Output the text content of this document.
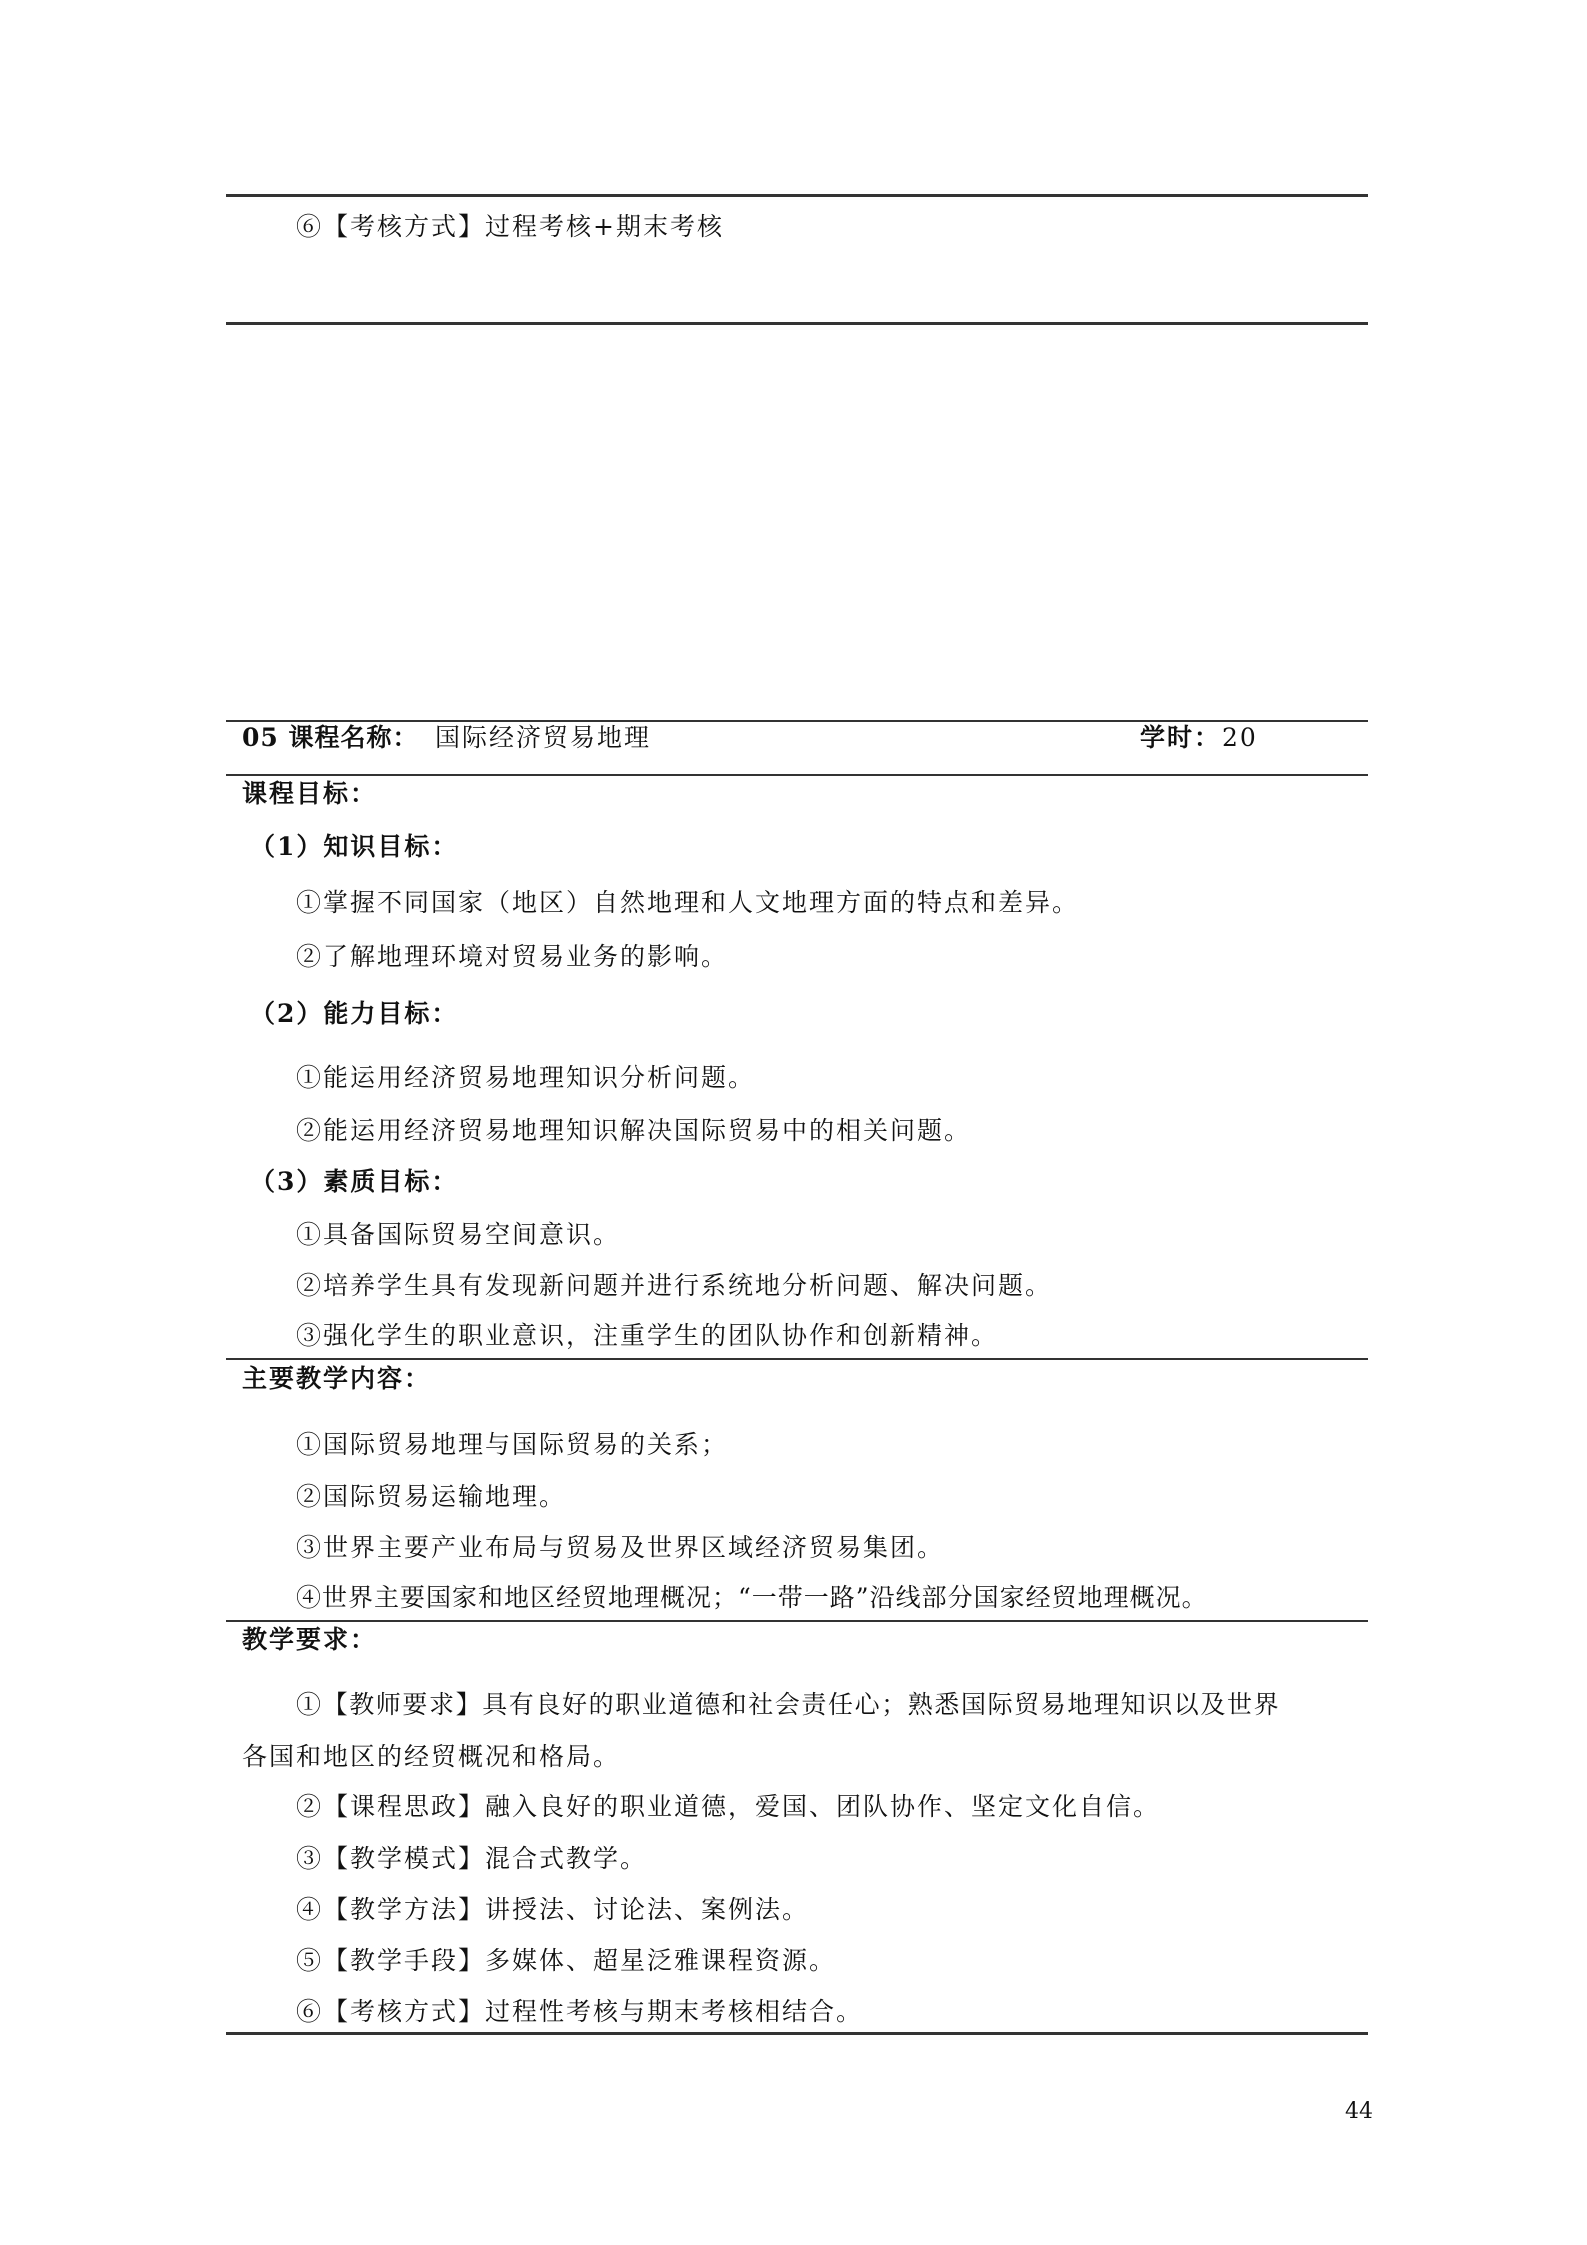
⑥【考核方式】过程考核+期末考核
05 课程名称： 国际经济贸易地理	学时： 20
课程目标：
（1）知识目标：
①掌握不同国家（地区）自然地理和人文地理方面的特点和差异。
②了解地理环境对贸易业务的影响。
（2）能力目标：
①能运用经济贸易地理知识分析问题。
②能运用经济贸易地理知识解决国际贸易中的相关问题。
（3）素质目标：
①具备国际贸易空间意识。
②培养学生具有发现新问题并进行系统地分析问题、解决问题。
③强化学生的职业意识，注重学生的团队协作和创新精神。
主要教学内容：
①国际贸易地理与国际贸易的关系；
②国际贸易运输地理。
③世界主要产业布局与贸易及世界区域经济贸易集团。
④世界主要国家和地区经贸地理概况；“一带一路”沿线部分国家经贸地理概况。
教学要求：
①【教师要求】具有良好的职业道德和社会责任心；熟悉国际贸易地理知识以及世界
各国和地区的经贸概况和格局。
②【课程思政】融入良好的职业道德，爱国、团队协作、坚定文化自信。
③【教学模式】混合式教学。
④【教学方法】讲授法、讨论法、案例法。
⑤【教学手段】多媒体、超星泛雅课程资源。
⑥【考核方式】过程性考核与期末考核相结合。
44
